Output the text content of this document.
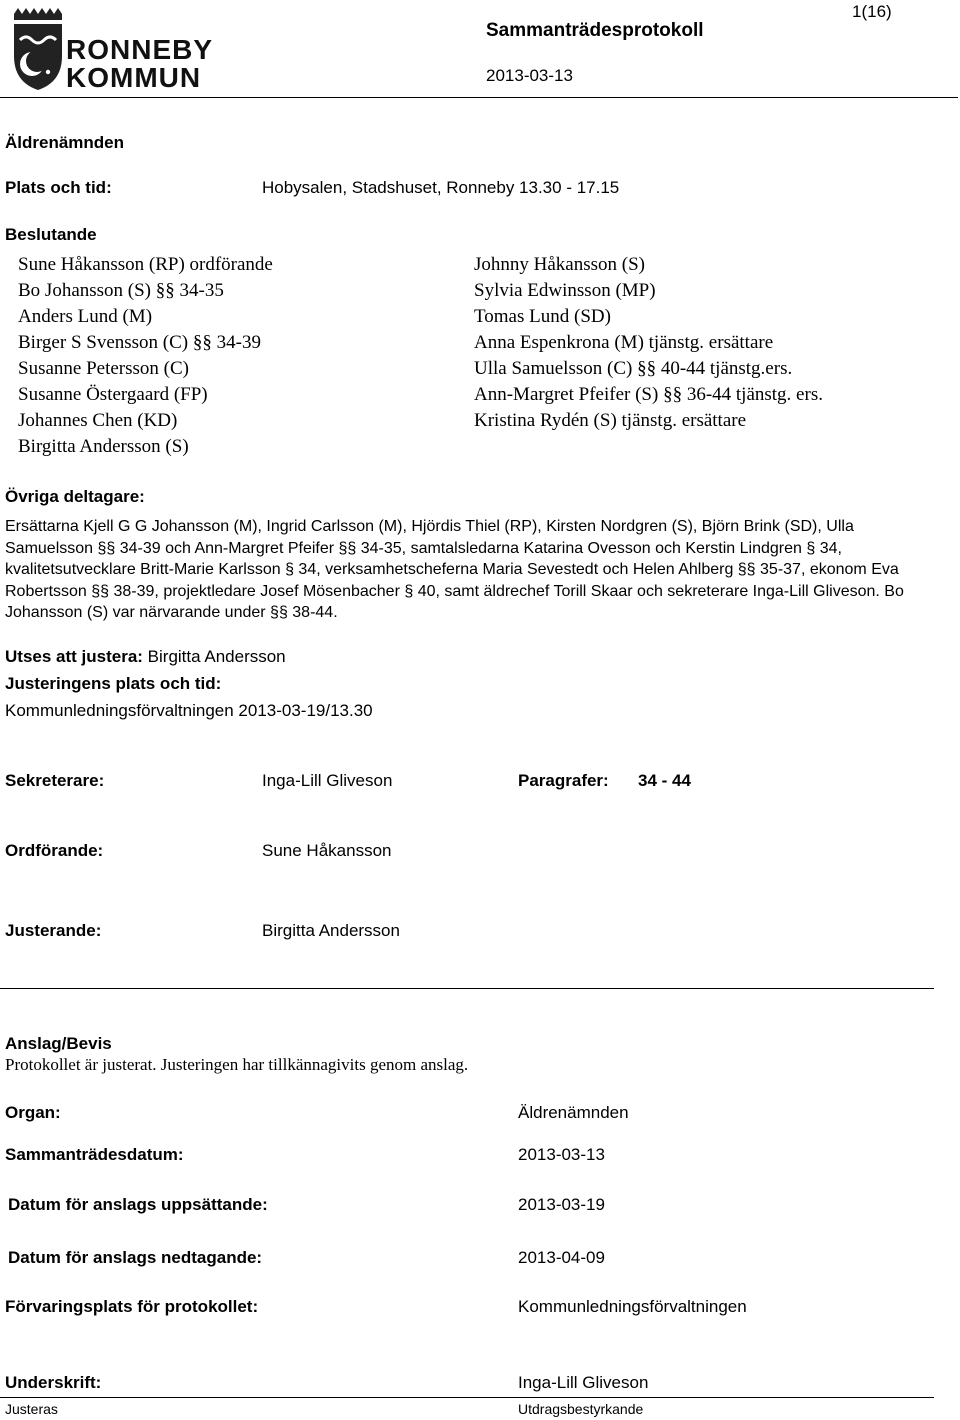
RONNEBY
KOMMUN
Sammanträdesprotokoll
2013-03-13
1(16)
Äldrenämnden
Plats och tid:	Hobysalen, Stadshuset, Ronneby 13.30 - 17.15
Beslutande
Sune Håkansson (RP) ordförande
Bo Johansson (S) §§ 34-35
Anders Lund (M)
Birger S Svensson (C) §§ 34-39
Susanne Petersson (C)
Susanne Östergaard (FP)
Johannes Chen (KD)
Birgitta Andersson (S)
Johnny Håkansson (S)
Sylvia Edwinsson (MP)
Tomas Lund (SD)
Anna Espenkrona (M) tjänstg. ersättare
Ulla Samuelsson (C) §§ 40-44 tjänstg.ers.
Ann-Margret Pfeifer (S) §§ 36-44 tjänstg. ers.
Kristina Rydén (S) tjänstg. ersättare
Övriga deltagare:
Ersättarna Kjell G G Johansson (M), Ingrid Carlsson (M), Hjördis Thiel (RP), Kirsten Nordgren (S), Björn Brink (SD), Ulla Samuelsson §§ 34-39 och Ann-Margret Pfeifer §§ 34-35, samtalsledarna Katarina Ovesson och Kerstin Lindgren § 34, kvalitetsutvecklare Britt-Marie Karlsson § 34, verksamhetscheferna Maria Sevestedt och Helen Ahlberg §§ 35-37, ekonom Eva Robertsson §§ 38-39, projektledare Josef Mösenbacher § 40, samt äldrechef Torill Skaar och sekreterare Inga-Lill Gliveson. Bo Johansson (S) var närvarande under §§ 38-44.
Utses att justera: Birgitta Andersson
Justeringens plats och tid:
Kommunledningsförvaltningen 2013-03-19/13.30
Sekreterare:	Inga-Lill Gliveson	Paragrafer: 34 - 44
Ordförande:	Sune Håkansson
Justerande:	Birgitta Andersson
Anslag/Bevis
Protokollet är justerat. Justeringen har tillkännagivits genom anslag.
Organ:	Äldrenämnden
Sammanträdesdatum:	2013-03-13
Datum för anslags uppsättande:	2013-03-19
Datum för anslags nedtagande:	2013-04-09
Förvaringsplats för protokollet:	Kommunledningsförvaltningen
Underskrift:	Inga-Lill Gliveson
Justeras	Utdragsbestyrkande
